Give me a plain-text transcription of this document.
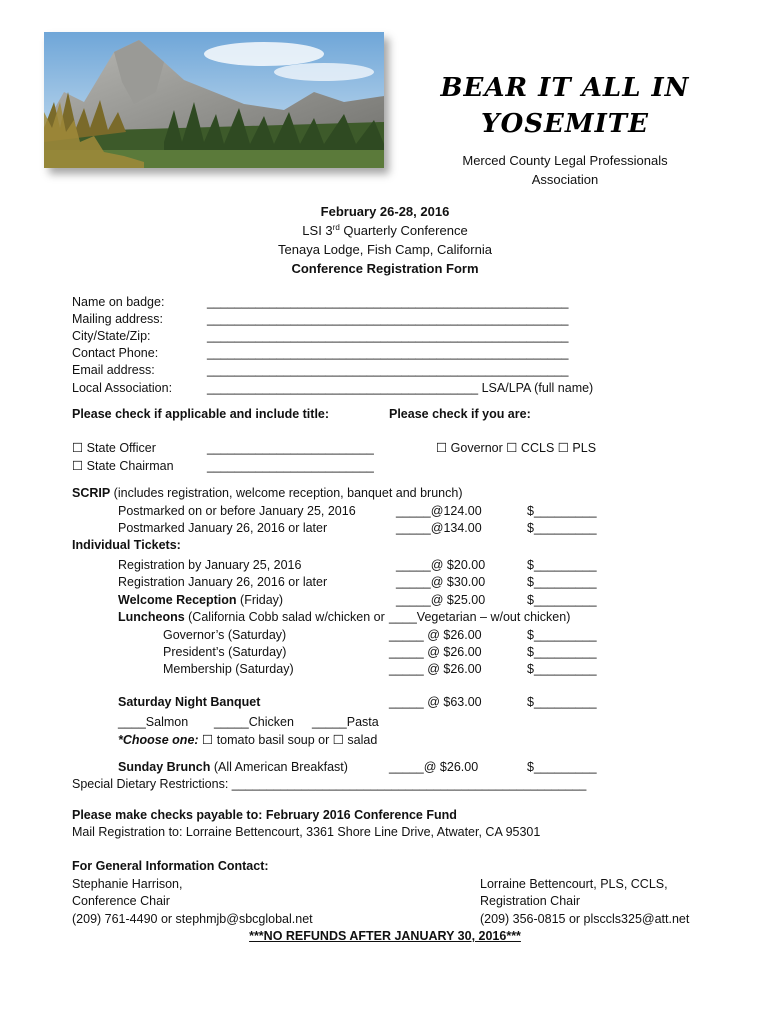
BEAR IT ALL IN
YOSEMITE
Merced County Legal Professionals
Association
February 26-28, 2016
LSI 3rd Quarterly Conference
Tenaya Lodge, Fish Camp, California
Conference Registration Form
Name on badge:	____________________________________________________
Mailing address:	____________________________________________________
City/State/Zip:	____________________________________________________
Contact Phone:	____________________________________________________
Email address:	____________________________________________________
Local Association:	_______________________________________ LSA/LPA (full name)
Please check if applicable and include title:	Please check if you are:
☐ State Officer	________________________	☐ Governor ☐ CCLS ☐ PLS
☐ State Chairman	________________________
SCRIP (includes registration, welcome reception, banquet and brunch)
Postmarked on or before January 25, 2016	_____@124.00	$_________
Postmarked January 26, 2016 or later	_____@134.00	$_________
Individual Tickets:
Registration by January 25, 2016	_____@ $20.00	$_________
Registration January 26, 2016 or later	_____@ $30.00	$_________
Welcome Reception (Friday)	_____@ $25.00	$_________
Luncheons (California Cobb salad w/chicken or ____Vegetarian – w/out chicken)
Governor’s (Saturday)	_____ @ $26.00	$_________
President’s (Saturday)	_____ @ $26.00	$_________
Membership (Saturday)	_____ @ $26.00	$_________
Saturday Night Banquet	_____ @ $63.00	$_________
____Salmon _____Chicken _____Pasta
*Choose one: ☐ tomato basil soup or ☐ salad
Sunday Brunch (All American Breakfast)	_____@ $26.00	$_________
Special Dietary Restrictions: ___________________________________________________
Please make checks payable to: February 2016 Conference Fund
Mail Registration to: Lorraine Bettencourt, 3361 Shore Line Drive, Atwater, CA 95301
For General Information Contact:
Stephanie Harrison,
Conference Chair
(209) 761-4490 or stephmjb@sbcglobal.net
Lorraine Bettencourt, PLS, CCLS,
Registration Chair
(209) 356-0815 or plsccls325@att.net
***NO REFUNDS AFTER JANUARY 30, 2016***
